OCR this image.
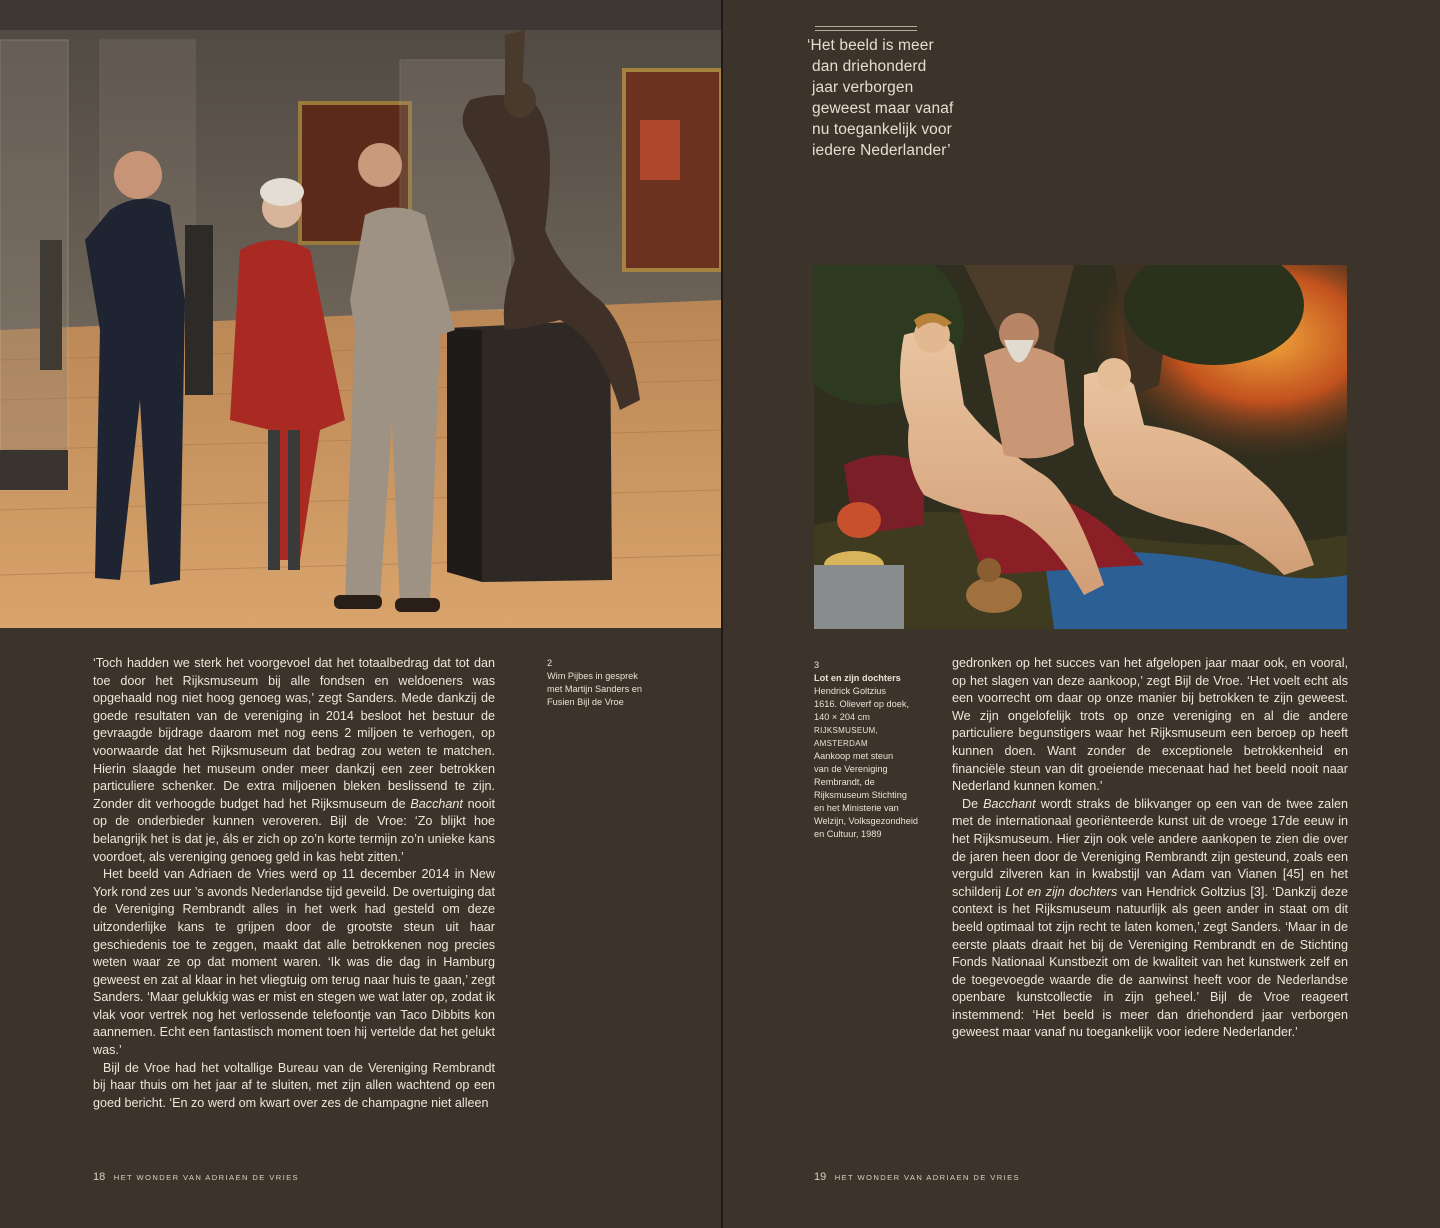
‘Toch hadden we sterk het voorgevoel dat het totaalbedrag dat tot dan toe door het Rijksmuseum bij alle fondsen en weldoeners was opgehaald nog niet hoog genoeg was,’ zegt Sanders. Mede dankzij de goede resultaten van de vereniging in 2014 besloot het bestuur de gevraagde bijdrage daarom met nog eens 2 miljoen te verhogen, op voorwaarde dat het Rijksmuseum dat bedrag zou weten te matchen. Hierin slaagde het museum onder meer dankzij een zeer betrokken particuliere schenker. De extra miljoenen bleken beslissend te zijn. Zonder dit verhoogde budget had het Rijksmuseum de Bacchant nooit op de onderbieder kunnen veroveren. Bijl de Vroe: ‘Zo blijkt hoe belangrijk het is dat je, áls er zich op zo’n korte termijn zo’n unieke kans voordoet, als vereniging genoeg geld in kas hebt zitten.’

Het beeld van Adriaen de Vries werd op 11 december 2014 in New York rond zes uur ’s avonds Nederlandse tijd geveild. De overtuiging dat de Vereniging Rembrandt alles in het werk had gesteld om deze uitzonderlijke kans te grijpen door de grootste steun uit haar geschiedenis toe te zeggen, maakt dat alle betrokkenen nog precies weten waar ze op dat moment waren. ‘Ik was die dag in Hamburg geweest en zat al klaar in het vliegtuig om terug naar huis te gaan,’ zegt Sanders. ‘Maar gelukkig was er mist en stegen we wat later op, zodat ik vlak voor vertrek nog het verlossende telefoontje van Taco Dibbits kon aannemen. Echt een fantastisch moment toen hij vertelde dat het gelukt was.’

Bijl de Vroe had het voltallige Bureau van de Vereniging Rembrandt bij haar thuis om het jaar af te sluiten, met zijn allen wachtend op een goed bericht. ‘En zo werd om kwart over zes de champagne niet alleen

2
Wim Pijbes in gesprek
met Martijn Sanders en
Fusien Bijl de Vroe
18 HET WONDER VAN ADRIAEN DE VRIES
‘Het beeld is meer
dan driehonderd
jaar verborgen
geweest maar vanaf
nu toegankelijk voor
iedere Nederlander’
3
Lot en zijn dochters
Hendrick Goltzius
1616. Olieverf op doek,
140 × 204 cm
RIJKSMUSEUM,
AMSTERDAM
Aankoop met steun
van de Vereniging
Rembrandt, de
Rijksmuseum Stichting
en het Ministerie van
Welzijn, Volksgezondheid
en Cultuur, 1989

gedronken op het succes van het afgelopen jaar maar ook, en vooral, op het slagen van deze aankoop,’ zegt Bijl de Vroe. ‘Het voelt echt als een voorrecht om daar op onze manier bij betrokken te zijn geweest. We zijn ongelofelijk trots op onze vereniging en al die andere particuliere begunstigers waar het Rijksmuseum een beroep op heeft kunnen doen. Want zonder de exceptionele betrokkenheid en financiële steun van dit groeiende mecenaat had het beeld nooit naar Nederland kunnen komen.’

De Bacchant wordt straks de blikvanger op een van de twee zalen met de internationaal georiënteerde kunst uit de vroege 17de eeuw in het Rijksmuseum. Hier zijn ook vele andere aankopen te zien die over de jaren heen door de Vereniging Rembrandt zijn gesteund, zoals een verguld zilveren kan in kwabstijl van Adam van Vianen [45] en het schilderij Lot en zijn dochters van Hendrick Goltzius [3]. ‘Dankzij deze context is het Rijksmuseum natuurlijk als geen ander in staat om dit beeld optimaal tot zijn recht te laten komen,’ zegt Sanders. ‘Maar in de eerste plaats draait het bij de Vereniging Rembrandt en de Stichting Fonds Nationaal Kunstbezit om de kwaliteit van het kunstwerk zelf en de toegevoegde waarde die de aanwinst heeft voor de Nederlandse openbare kunstcollectie in zijn geheel.’ Bijl de Vroe reageert instemmend: ‘Het beeld is meer dan driehonderd jaar verborgen geweest maar vanaf nu toegankelijk voor iedere Nederlander.’

19 HET WONDER VAN ADRIAEN DE VRIES
